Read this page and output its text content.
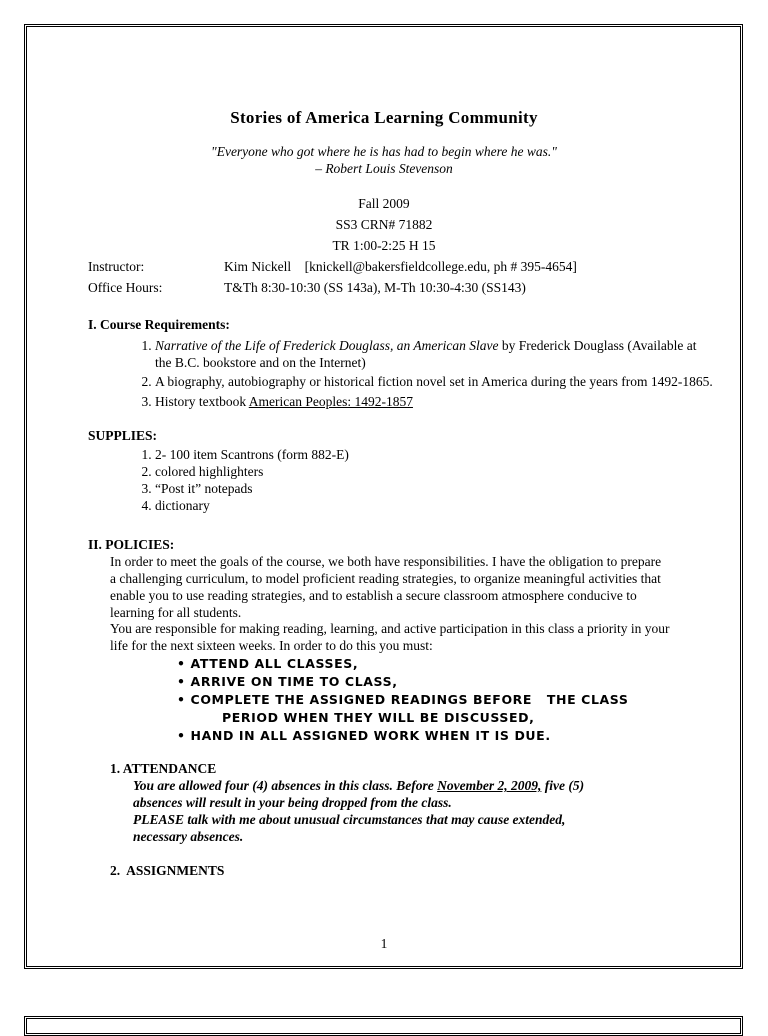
Stories of America Learning Community
"Everyone who got where he is has had to begin where he was."
– Robert Louis Stevenson
Fall 2009
SS3 CRN# 71882
TR 1:00-2:25 H 15
Instructor:	Kim Nickell    [knickell@bakersfieldcollege.edu, ph # 395-4654]
Office Hours:	T&Th 8:30-10:30 (SS 143a), M-Th 10:30-4:30 (SS143)
I. Course Requirements:
1. Narrative of the Life of Frederick Douglass, an American Slave by Frederick Douglass (Available at the B.C. bookstore and on the Internet)
2. A biography, autobiography or historical fiction novel set in America during the years from 1492-1865.
3. History textbook American Peoples: 1492-1857
SUPPLIES:
1. 2- 100 item Scantrons (form 882-E)
2. colored highlighters
3. “Post it” notepads
4. dictionary
II. POLICIES:
In order to meet the goals of the course, we both have responsibilities. I have the obligation to prepare a challenging curriculum, to model proficient reading strategies, to organize meaningful activities that enable you to use reading strategies, and to establish a secure classroom atmosphere conducive to learning for all students.
You are responsible for making reading, learning, and active participation in this class a priority in your life for the next sixteen weeks. In order to do this you must:
• ATTEND ALL CLASSES,
• ARRIVE ON TIME TO CLASS,
• COMPLETE THE ASSIGNED READINGS BEFORE   THE CLASS
PERIOD WHEN THEY WILL BE DISCUSSED,
• HAND IN ALL ASSIGNED WORK WHEN IT IS DUE.
1. ATTENDANCE
You are allowed four (4) absences in this class. Before November 2, 2009, five (5)
absences will result in your being dropped from the class.
PLEASE talk with me about unusual circumstances that may cause extended,
necessary absences.
2.  ASSIGNMENTS
1
